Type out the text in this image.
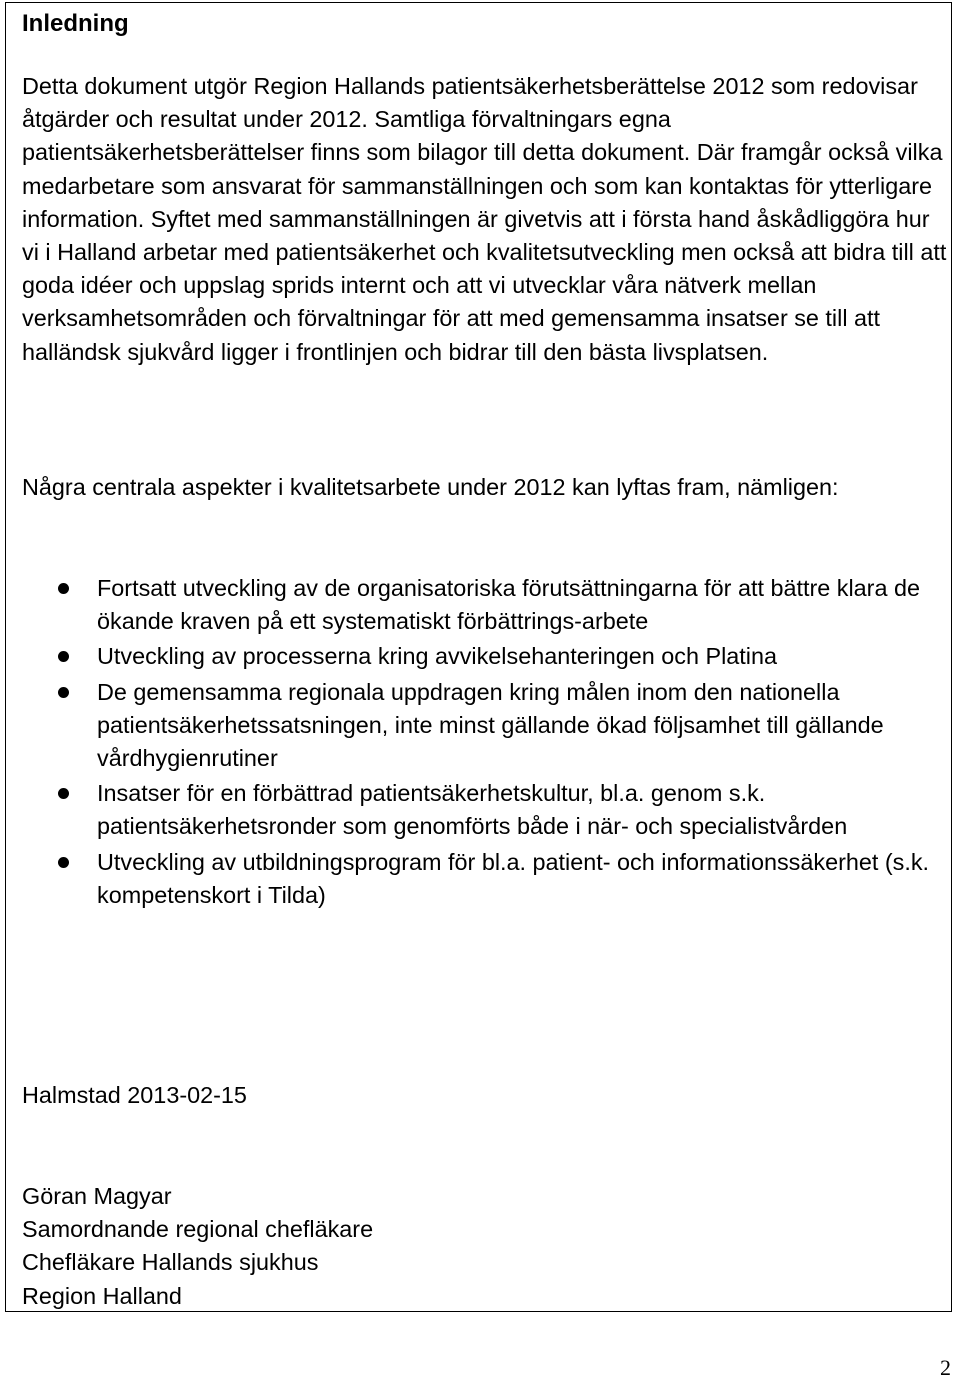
Inledning

Detta dokument utgör Region Hallands patientsäkerhetsberättelse 2012 som redovisar åtgärder och resultat under 2012. Samtliga förvaltningars egna patientsäkerhetsberättelser finns som bilagor till detta dokument. Där framgår också vilka medarbetare som ansvarat för sammanställningen och som kan kontaktas för ytterligare information. Syftet med sammanställningen är givetvis att i första hand åskådliggöra hur vi i Halland arbetar med patientsäkerhet och kvalitetsutveckling men också att bidra till att goda idéer och uppslag sprids internt och att vi utvecklar våra nätverk mellan verksamhetsområden och förvaltningar för att med gemensamma insatser se till att halländsk sjukvård ligger i frontlinjen och bidrar till den bästa livsplatsen.

Några centrala aspekter i kvalitetsarbete under 2012 kan lyftas fram, nämligen:

Fortsatt utveckling av de organisatoriska förutsättningarna för att bättre klara de ökande kraven på ett systematiskt förbättrings-arbete
Utveckling av processerna kring avvikelsehanteringen och Platina
De gemensamma regionala uppdragen kring målen inom den nationella patientsäkerhetssatsningen, inte minst gällande ökad följsamhet till gällande vårdhygienrutiner
Insatser för en förbättrad patientsäkerhetskultur, bl.a. genom s.k. patientsäkerhetsronder som genomförts både i när- och specialistvården
Utveckling av utbildningsprogram för bl.a. patient- och informationssäkerhet (s.k. kompetenskort i Tilda)

Halmstad 2013-02-15

Göran Magyar
Samordnande regional chefläkare
Chefläkare Hallands sjukhus
Region Halland
2
